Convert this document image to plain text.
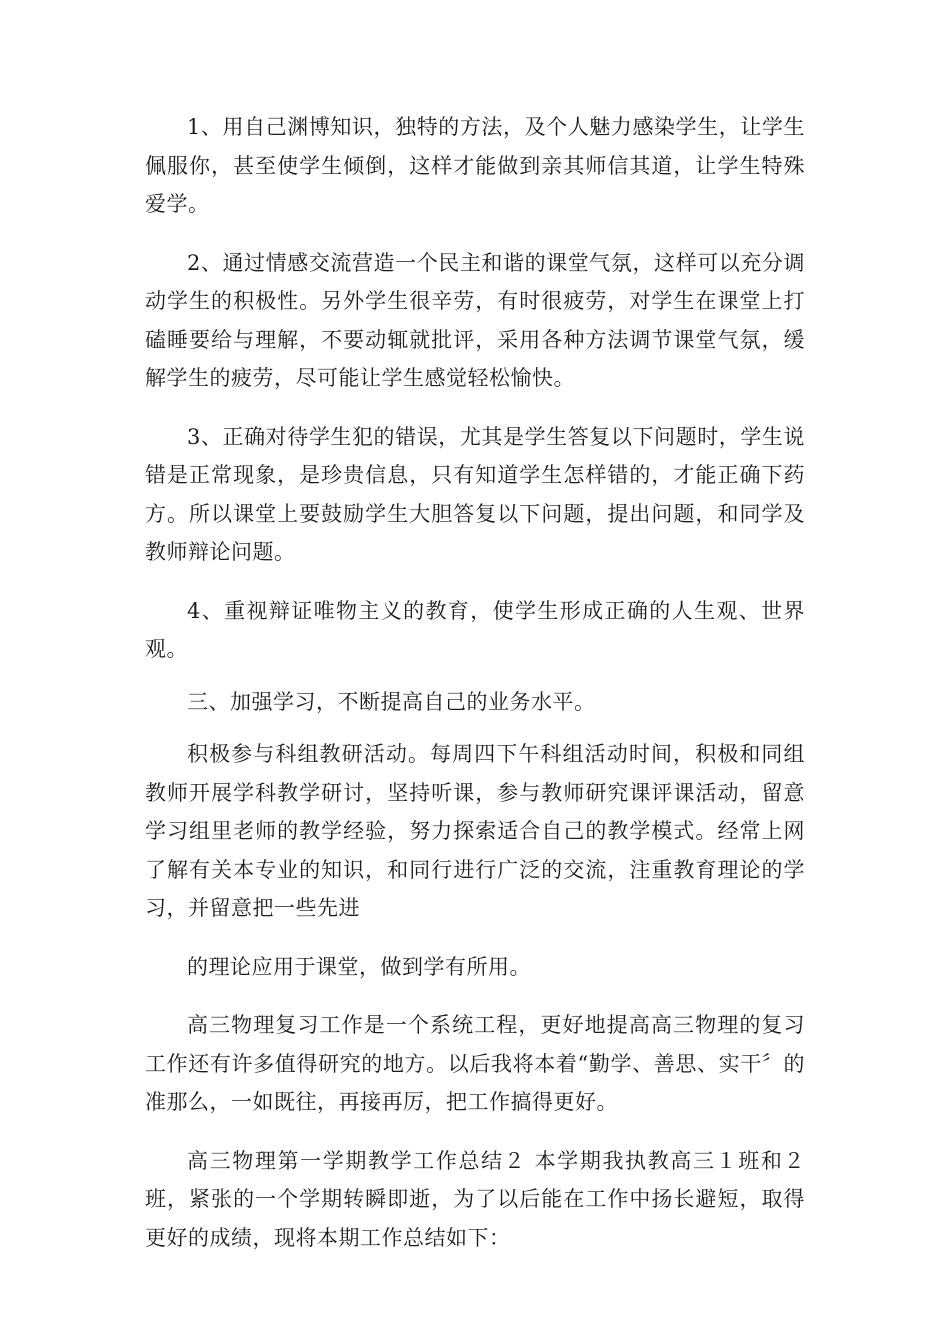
1、用自己渊博知识，独特的方法，及个人魅力感染学生，让学生佩服你，甚至使学生倾倒，这样才能做到亲其师信其道，让学生特殊爱学。

2、通过情感交流营造一个民主和谐的课堂气氛，这样可以充分调动学生的积极性。另外学生很辛劳，有时很疲劳，对学生在课堂上打磕睡要给与理解，不要动辄就批评，采用各种方法调节课堂气氛，缓解学生的疲劳，尽可能让学生感觉轻松愉快。

3、正确对待学生犯的错误，尤其是学生答复以下问题时，学生说错是正常现象，是珍贵信息，只有知道学生怎样错的，才能正确下药方。所以课堂上要鼓励学生大胆答复以下问题，提出问题，和同学及教师辩论问题。

4、重视辩证唯物主义的教育，使学生形成正确的人生观、世界观。

三、加强学习，不断提高自己的业务水平。

积极参与科组教研活动。每周四下午科组活动时间，积极和同组教师开展学科教学研讨，坚持听课，参与教师研究课评课活动，留意学习组里老师的教学经验，努力探索适合自己的教学模式。经常上网了解有关本专业的知识，和同行进行广泛的交流，注重教育理论的学习，并留意把一些先进

的理论应用于课堂，做到学有所用。

高三物理复习工作是一个系统工程，更好地提高高三物理的复习工作还有许多值得研究的地方。以后我将本着“勤学、善思、实干〞的准那么，一如既往，再接再厉，把工作搞得更好。

高三物理第一学期教学工作总结２ 本学期我执教高三１班和２班，紧张的一个学期转瞬即逝，为了以后能在工作中扬长避短，取得更好的成绩，现将本期工作总结如下：
